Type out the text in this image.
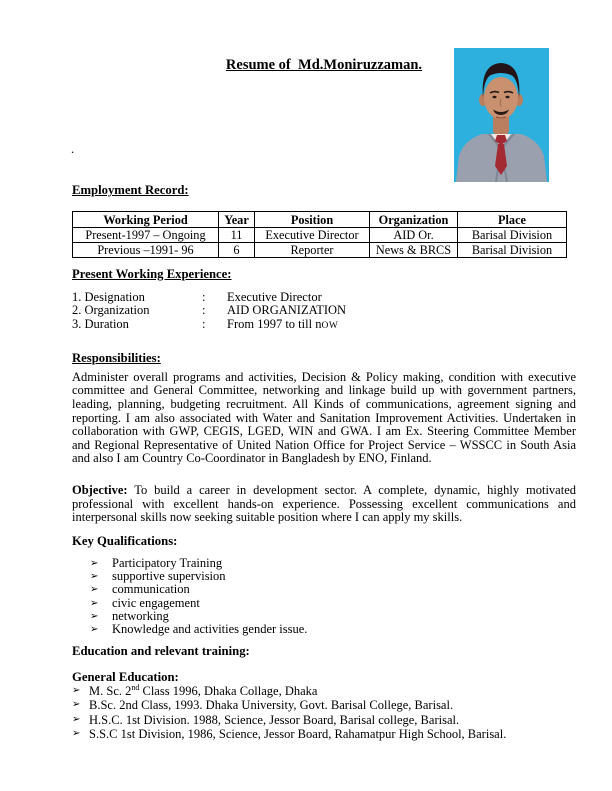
Resume of  Md.Moniruzzaman.
.
Employment Record:
Working Period	Year	Position	Organization	Place
Present-1997 – Ongoing	11	Executive Director	AID Or.	Barisal Division
Previous –1991- 96	6	Reporter	News & BRCS	Barisal Division
Present Working Experience:
1. Designation	:	Executive Director
2. Organization	:	AID ORGANIZATION
3. Duration	:	From 1997 to till nOW
Responsibilities:

Administer overall programs and activities, Decision & Policy making, condition with executive committee and General Committee, networking and linkage build up with government partners, leading, planning, budgeting recruitment. All Kinds of communications, agreement signing and reporting. I am also associated with Water and Sanitation Improvement Activities. Undertaken in collaboration with GWP, CEGIS, LGED, WIN and GWA. I am Ex. Steering Committee Member and Regional Representative of United Nation Office for Project Service – WSSCC in South Asia and also I am Country Co-Coordinator in Bangladesh by ENO, Finland.

Objective: To build a career in development sector. A complete, dynamic, highly motivated professional with excellent hands-on experience. Possessing excellent communications and interpersonal skills now seeking suitable position where I can apply my skills.

Key Qualifications:
➢	Participatory Training
➢	supportive supervision
➢	communication
➢	civic engagement
➢	networking
➢	Knowledge and activities gender issue.
Education and relevant training:
General Education:
➢ M. Sc. 2nd Class 1996, Dhaka Collage, Dhaka
➢ B.Sc. 2nd Class, 1993. Dhaka University, Govt. Barisal College, Barisal.
➢ H.S.C. 1st Division. 1988, Science, Jessor Board, Barisal college, Barisal.
➢ S.S.C 1st Division, 1986, Science, Jessor Board, Rahamatpur High School, Barisal.
